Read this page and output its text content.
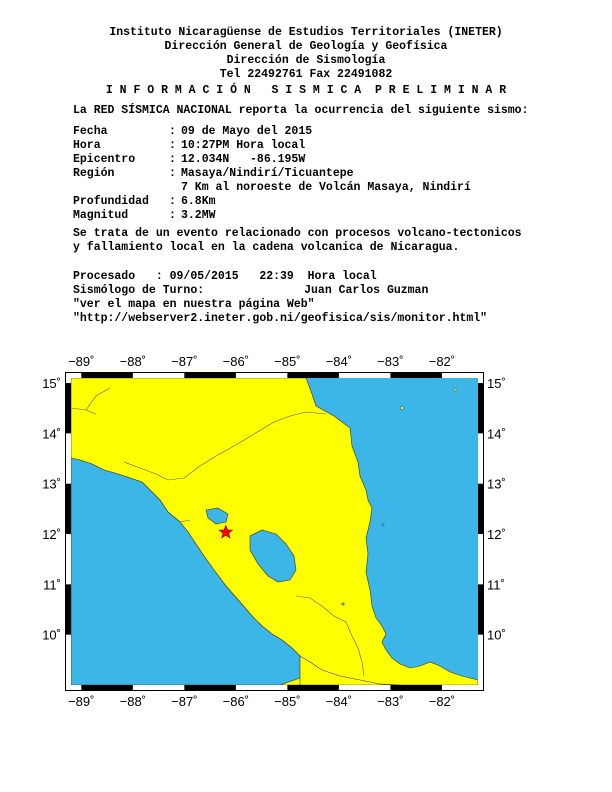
Instituto Nicaragüense de Estudios Territoriales (INETER)
Dirección General de Geología y Geofísica
Dirección de Sismología
Tel 22492761 Fax 22491082
I N F O R M A C I Ó N   S I S M I C A  P R E L I M I N A R
La RED SÍSMICA NACIONAL reporta la ocurrencia del siguiente sismo:
Fecha	: 09 de Mayo del 2015
Hora	: 10:27PM Hora local
Epicentro	: 12.034N   -86.195W
Región	: Masaya/Nindirí/Ticuantepe
7 Km al noroeste de Volcán Masaya, Nindirí
Profundidad : 6.8Km
Magnitud	: 3.2MW
Se trata de un evento relacionado con procesos volcano-tectonicos
y fallamiento local en la cadena volcanica de Nicaragua.
Procesado   : 09/05/2015   22:39  Hora local
Sismólogo de Turno:	Juan Carlos Guzman
"ver el mapa en nuestra página Web"
"http://webserver2.ineter.gob.ni/geofisica/sis/monitor.html"
−89˚ −88˚ −87˚ −86˚ −85˚ −84˚ −83˚ −82˚
15˚
14˚
13˚
12˚
11˚
10˚
15˚
14˚
13˚
12˚
11˚
10˚
−89˚ −88˚ −87˚ −86˚ −85˚ −84˚ −83˚ −82˚
